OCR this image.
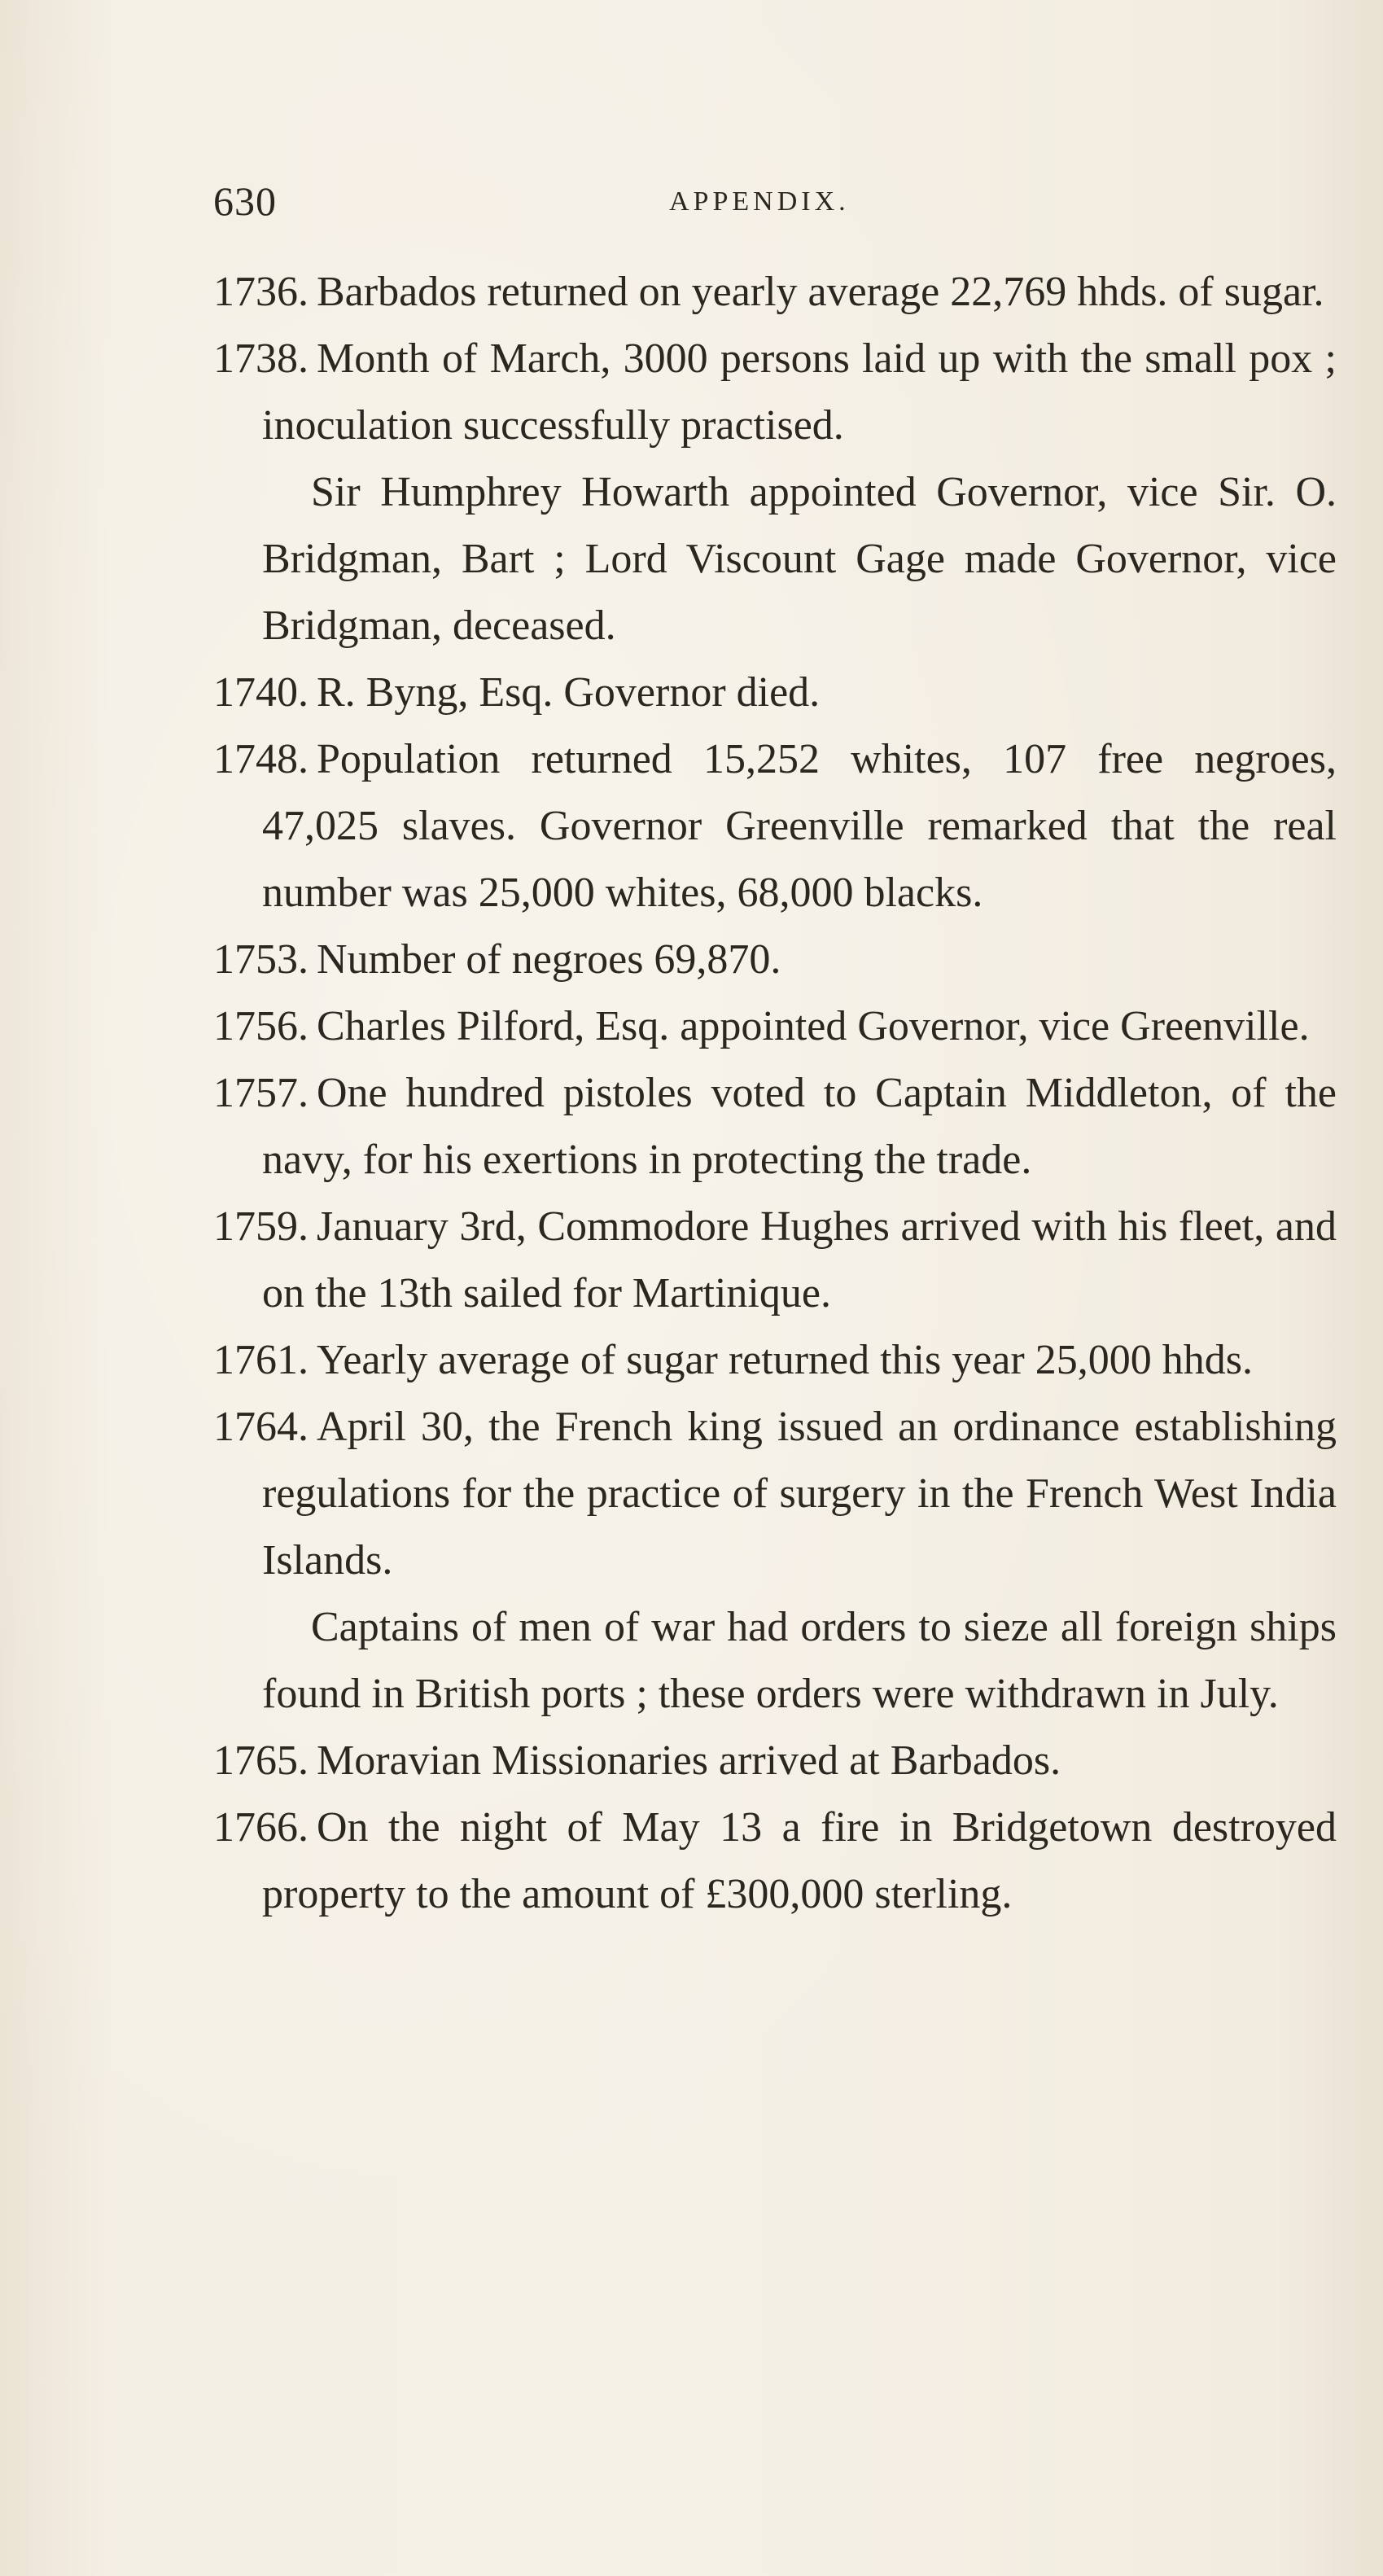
630	APPENDIX.
1736. Barbados returned on yearly average 22,769 hhds. of sugar.
1738. Month of March, 3000 persons laid up with the small pox ; inoculation successfully practised.
Sir Humphrey Howarth appointed Governor, vice Sir. O. Bridgman, Bart ; Lord Viscount Gage made Governor, vice Bridgman, deceased.
1740. R. Byng, Esq. Governor died.
1748. Population returned 15,252 whites, 107 free negroes, 47,025 slaves. Governor Greenville remarked that the real number was 25,000 whites, 68,000 blacks.
1753. Number of negroes 69,870.
1756. Charles Pilford, Esq. appointed Governor, vice Greenville.
1757. One hundred pistoles voted to Captain Middleton, of the navy, for his exertions in protecting the trade.
1759. January 3rd, Commodore Hughes arrived with his fleet, and on the 13th sailed for Martinique.
1761. Yearly average of sugar returned this year 25,000 hhds.
1764. April 30, the French king issued an ordinance establishing regulations for the practice of surgery in the French West India Islands.
Captains of men of war had orders to sieze all foreign ships found in British ports ; these orders were withdrawn in July.
1765. Moravian Missionaries arrived at Barbados.
1766. On the night of May 13 a fire in Bridgetown destroyed property to the amount of £300,000 sterling.
